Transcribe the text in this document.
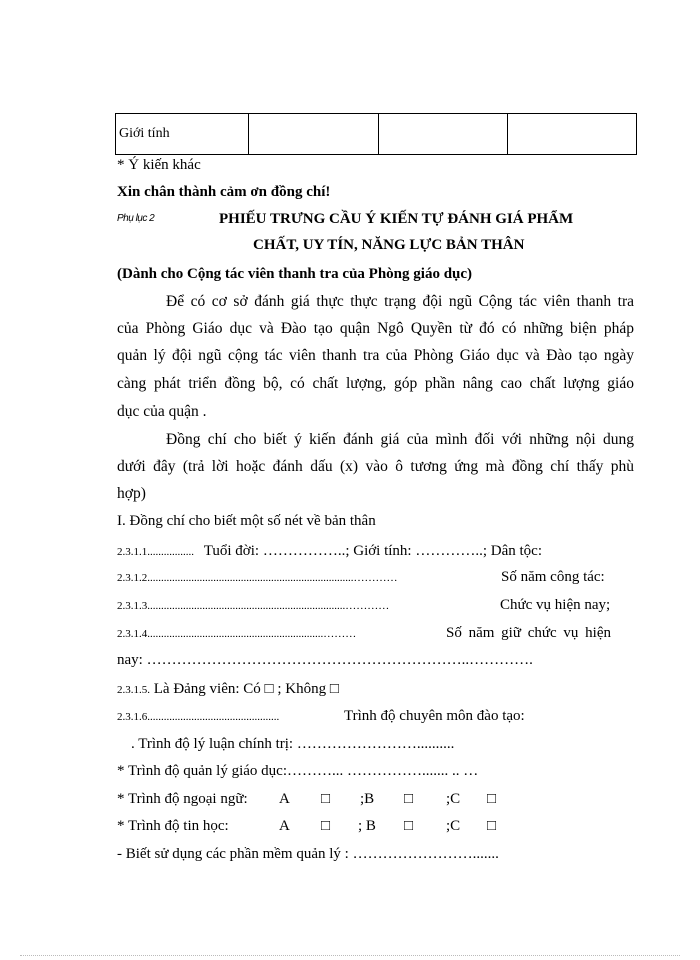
Giới tính			
* Ý kiến khác
Xin chân thành cảm ơn đồng chí!
Phụ lục 2	PHIẾU TRƯNG CẦU Ý KIẾN TỰ ĐÁNH GIÁ PHẨM
CHẤT, UY TÍN, NĂNG LỰC BẢN THÂN
(Dành cho Cộng tác viên thanh tra của Phòng giáo dục)
Để có cơ sở đánh giá thực thực trạng đội ngũ Cộng tác viên thanh tra
của Phòng Giáo dục và Đào tạo quận Ngô Quyền từ đó có những biện pháp
quản lý đội ngũ cộng tác viên thanh tra của Phòng Giáo dục và Đào tạo ngày
càng phát triển đồng bộ, có chất lượng, góp phần nâng cao chất lượng giáo
dục của quận .
Đồng chí cho biết ý kiến đánh giá của mình đối với những nội dung
dưới đây (trả lời hoặc đánh dấu (x) vào ô tương ứng mà đồng chí thấy phù
hợp)
I. Đồng chí cho biết một số nét về bản thân
2.3.1.1................. Tuổi đời: ……………..; Giới tính: …………..; Dân tộc:
2.3.1.2...........................................................................…………	Số năm công tác:
2.3.1.3........................................................................…………	Chức vụ hiện nay;
2.3.1.4................................................................………	Số năm giữ chức vụ hiện
nay: ………………………………………………………..………….
2.3.1.5. Là Đảng viên: Có □ ; Không □
2.3.1.6................................................	Trình độ chuyên môn đào tạo:
. Trình độ lý luận chính trị: ……………………..........
* Trình độ quản lý giáo dục:………... ……………....... .. …
* Trình độ ngoại ngữ: A □ ;B □ ;C □
* Trình độ tin học:	A □ ; B □ ;C □
- Biết sử dụng các phần mềm quản lý : …………………….......
